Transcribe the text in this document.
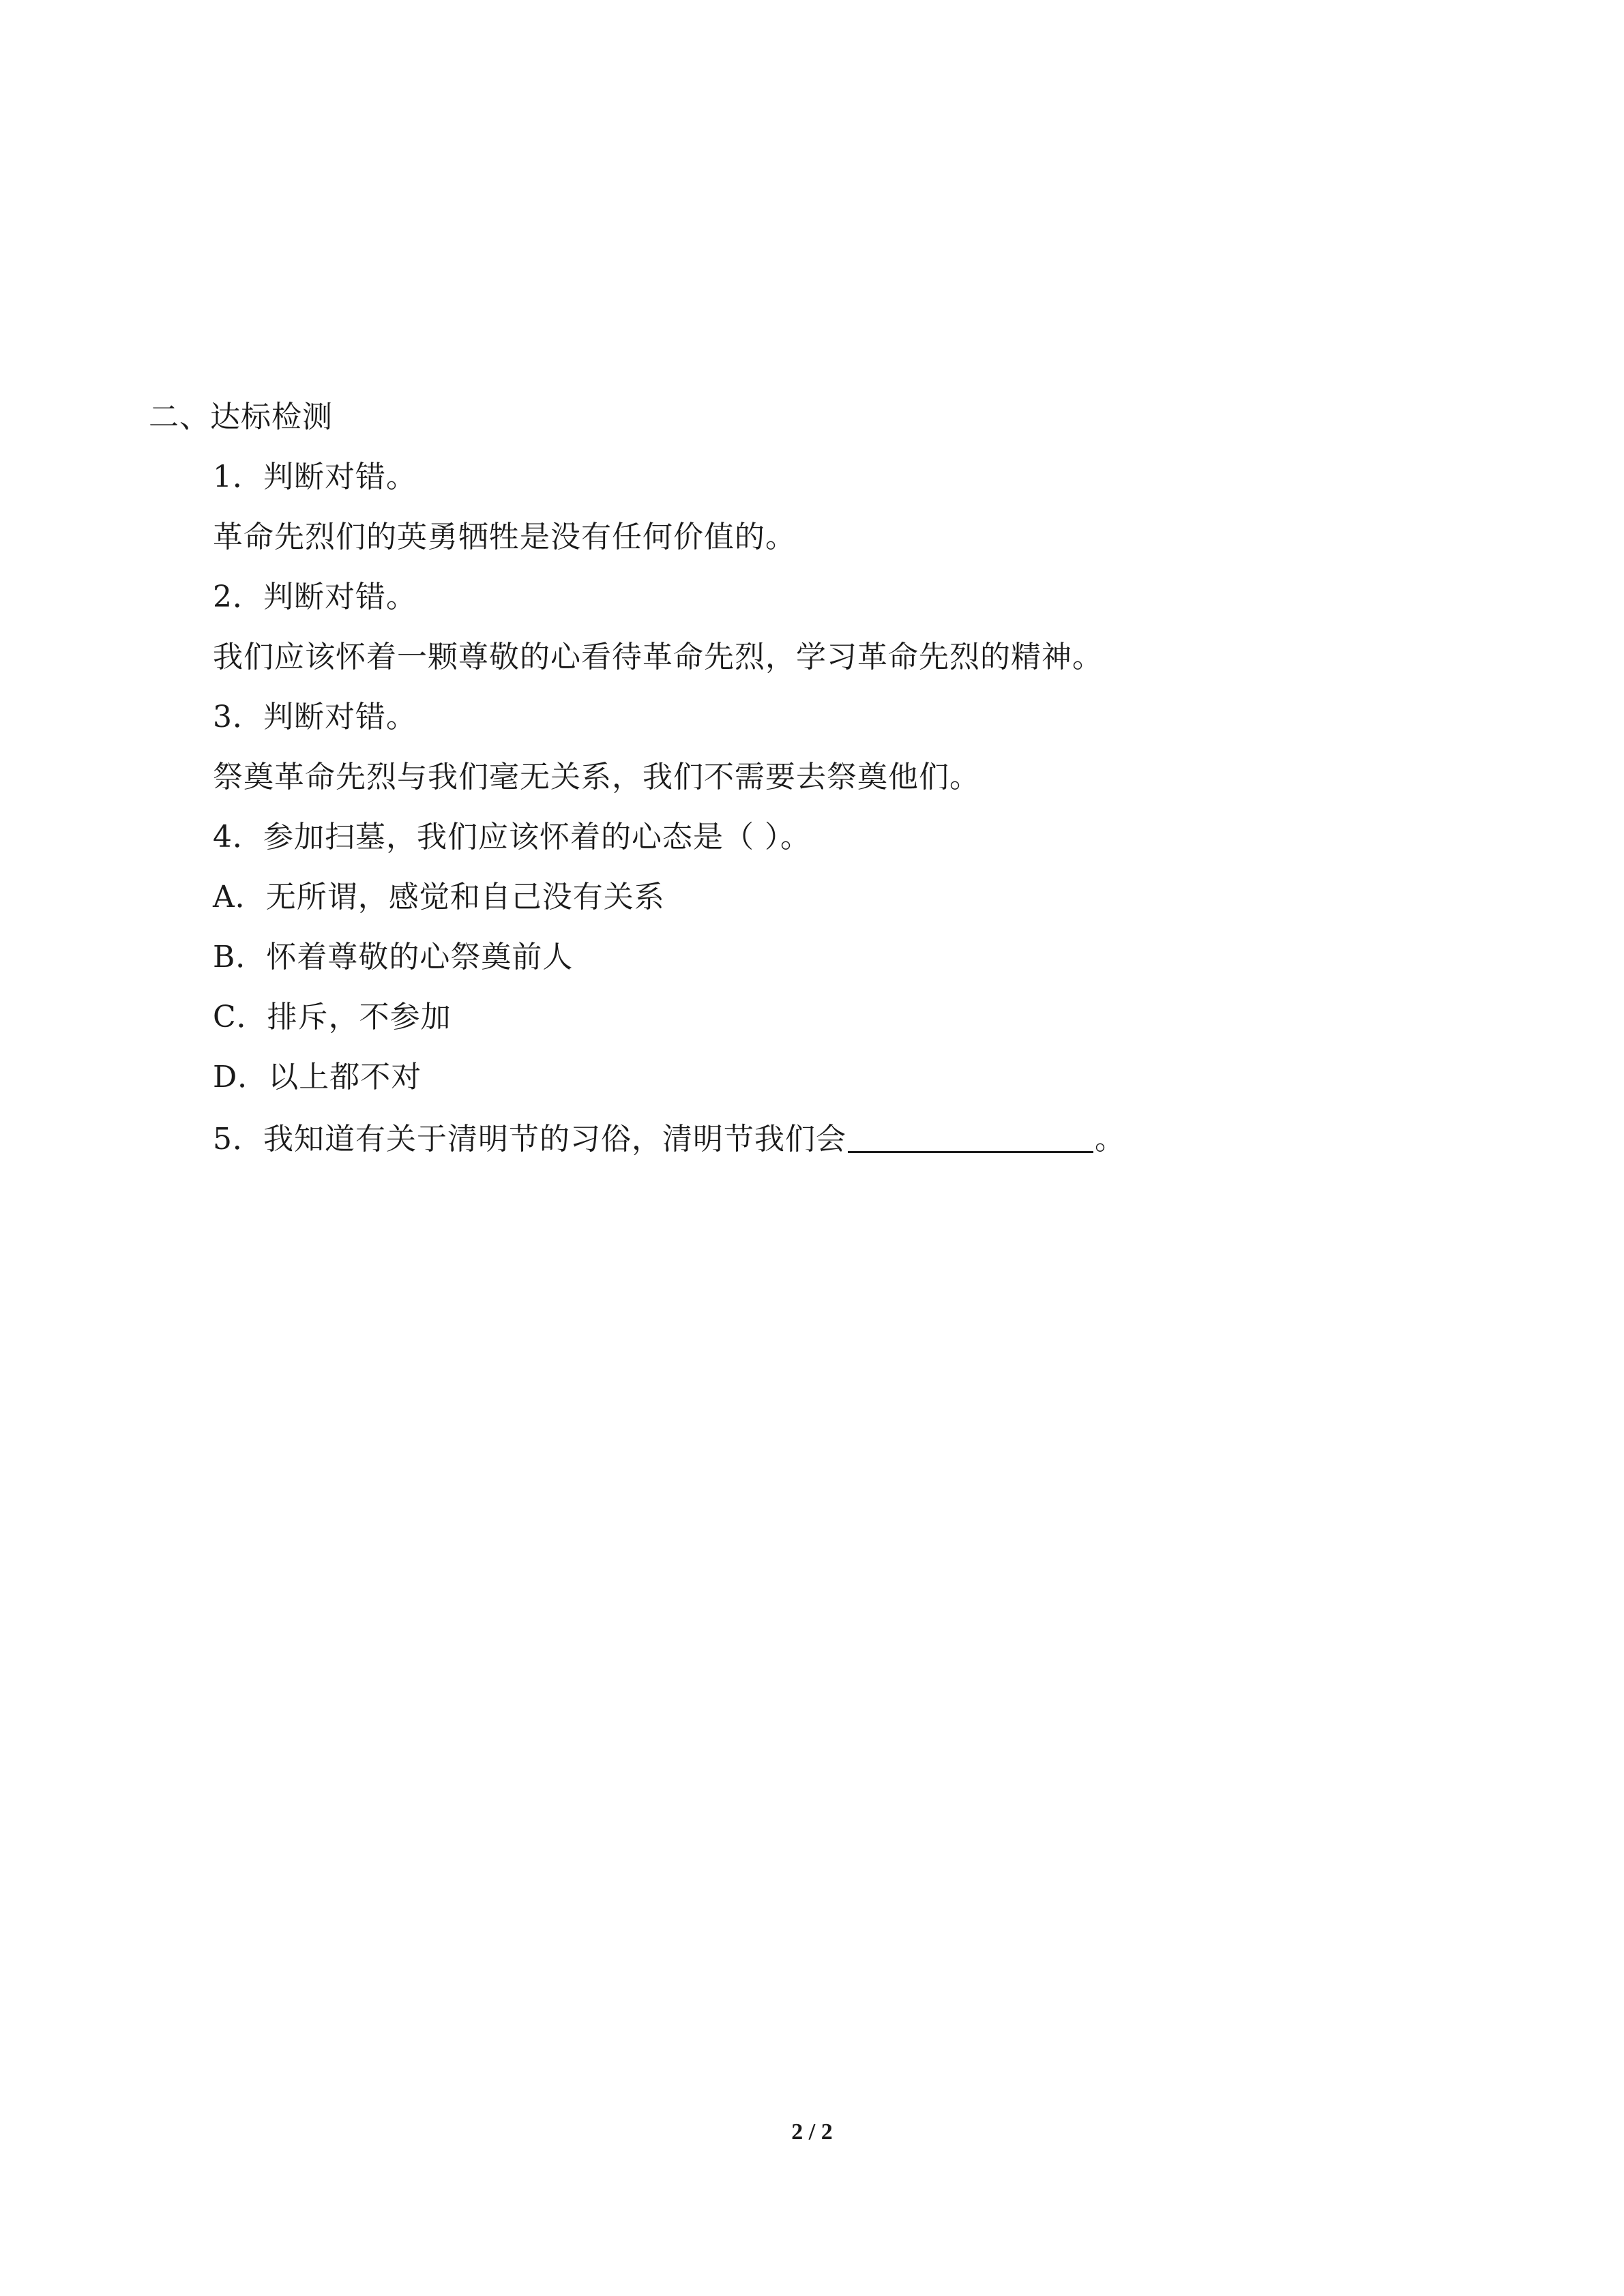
二、达标检测
1．判断对错。
革命先烈们的英勇牺牲是没有任何价值的。
2．判断对错。
我们应该怀着一颗尊敬的心看待革命先烈，学习革命先烈的精神。
3．判断对错。
祭奠革命先烈与我们毫无关系，我们不需要去祭奠他们。
4．参加扫墓，我们应该怀着的心态是（ ）。
A．无所谓，感觉和自己没有关系
B．怀着尊敬的心祭奠前人
C．排斥，不参加
D．以上都不对
5．我知道有关于清明节的习俗，清明节我们会	。
2 / 2
